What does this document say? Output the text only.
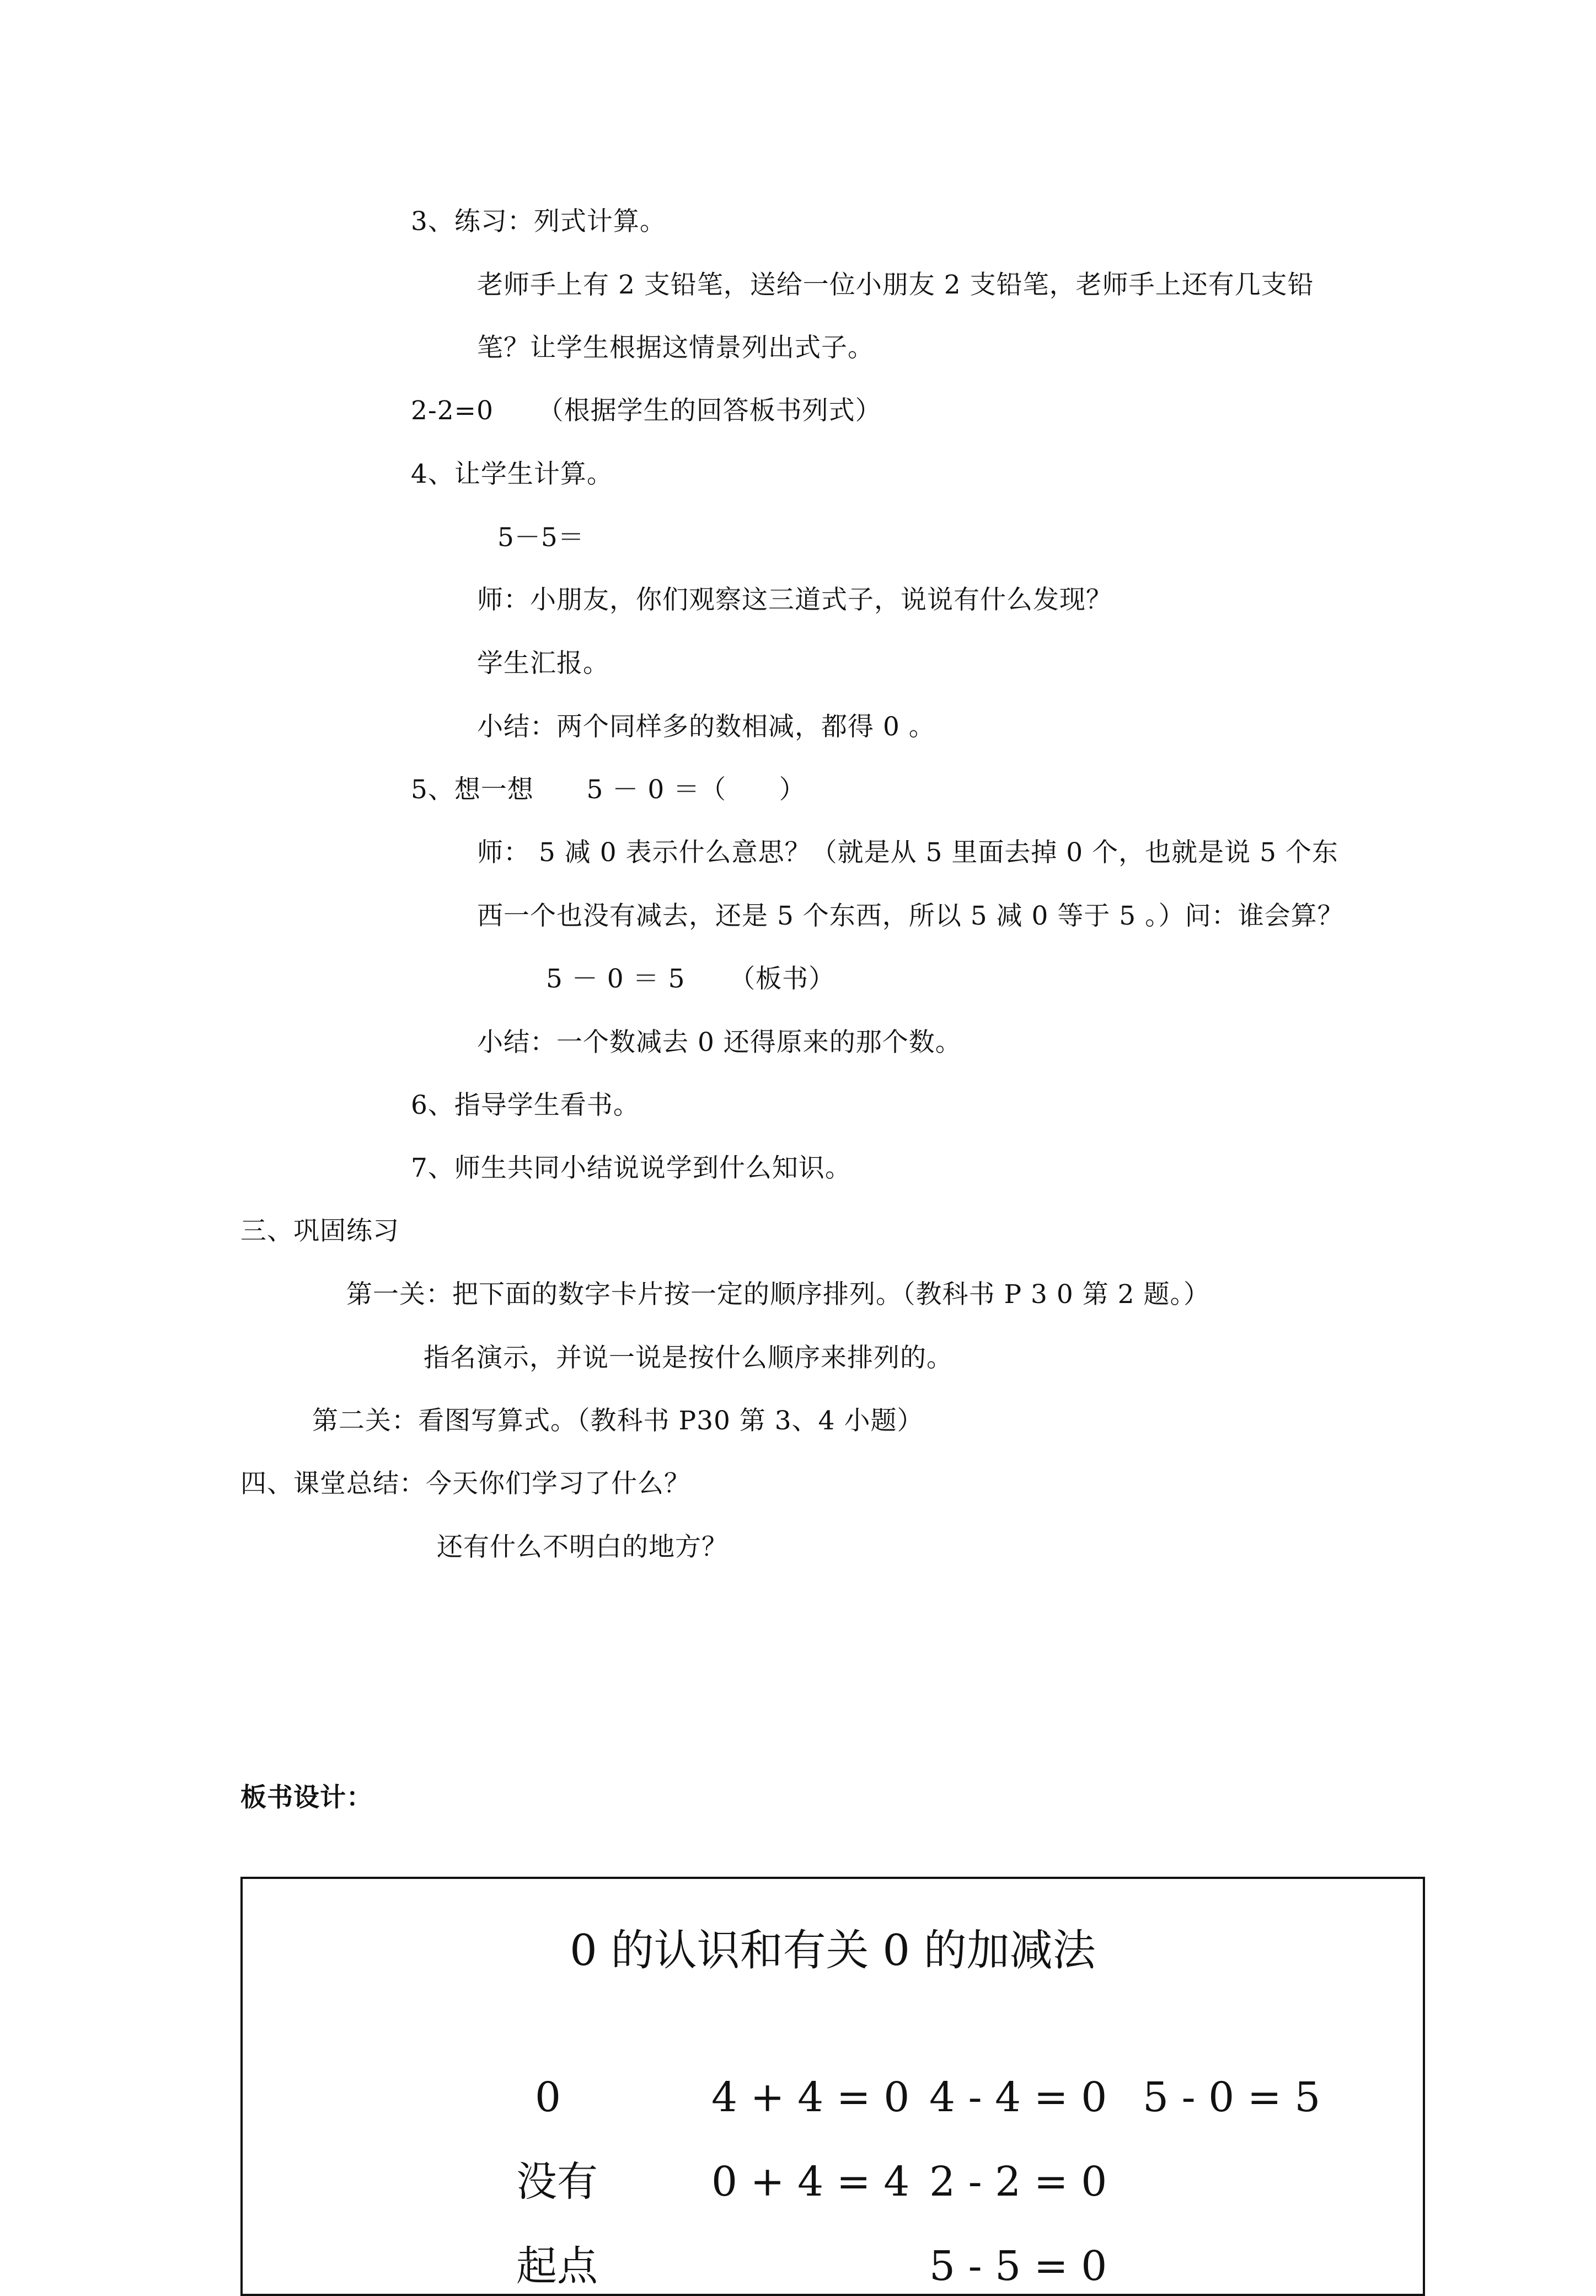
3、练习：列式计算。
老师手上有 2 支铅笔，送给一位小朋友 2 支铅笔，老师手上还有几支铅
笔？让学生根据这情景列出式子。
2-2=0     （根据学生的回答板书列式）
4、让学生计算。
5－5＝
师：小朋友，你们观察这三道式子，说说有什么发现？
学生汇报。
小结：两个同样多的数相减，都得 0 。
5、想一想      5 － 0 ＝（      ）
师： 5 减 0 表示什么意思？（就是从 5 里面去掉 0 个，也就是说 5 个东
西一个也没有减去，还是 5 个东西，所以 5 减 0 等于 5 。）问：谁会算？
5 － 0 ＝ 5     （板书）
小结：一个数减去 0 还得原来的那个数。
6、指导学生看书。
7、师生共同小结说说学到什么知识。
三、巩固练习
第一关：把下面的数字卡片按一定的顺序排列。（教科书 P 3 0 第 2 题。）
指名演示，并说一说是按什么顺序来排列的。
第二关：看图写算式。（教科书 P30 第 3、4 小题）
四、课堂总结：今天你们学习了什么？
还有什么不明白的地方？
板书设计：
0 的认识和有关 0 的加减法
0	4 + 4 = 0 4 - 4 = 0 5 - 0 = 5
没有	0 + 4 = 4 2 - 2 = 0
起点	5 - 5 = 0
